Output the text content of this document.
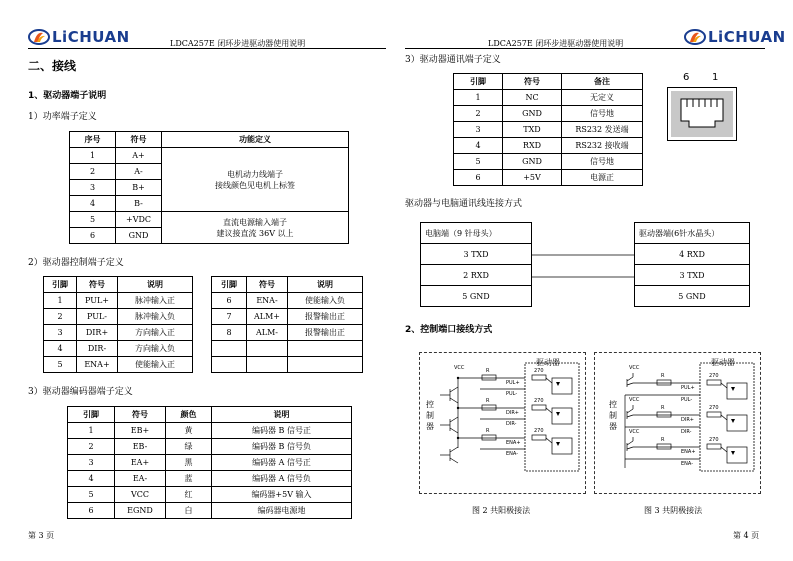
LiCHUAN	LDCA257E 闭环步进驱动器使用说明	LDCA257E 闭环步进驱动器使用说明	LiCHUAN
二、接线
1、驱动器端子说明
1）功率端子定义
序号	符号	功能定义
1	A+	电机动力线端子
接线颜色见电机上标签

2	A-	
3	B+	
4	B-	
5	+VDC	直流电源输入端子
建议接直流 36V 以上

6	GND	
2）驱动器控制端子定义
引脚	符号	说明
1	PUL+	脉冲输入正
2	PUL-	脉冲输入负
3	DIR+	方向输入正
4	DIR-	方向输入负
5	ENA+	使能输入正
引脚	符号	说明
6	ENA-	使能输入负
7	ALM+	报警输出正
8	ALM-	报警输出正

3）驱动器编码器端子定义
引脚	符号	颜色	说明
1	EB+	黄	编码器 B 信号正
2	EB-	绿	编码器 B 信号负
3	EA+	黑	编码器 A 信号正
4	EA-	蓝	编码器 A 信号负
5	VCC	红	编码器+5V 输入
6	EGND	白	编码器电源地
第 3 页
3）驱动器通讯端子定义
引脚	符号	备注
1	NC	无定义
2	GND	信号地
3	TXD	RS232 发送端
4	RXD	RS232 接收端
5	GND	信号地
6	+5V	电源正
6 1
驱动器与电脑通讯线连接方式
电脑端（9 针母头）
3 TXD
2 RXD
5 GND
驱动器端(6针水晶头）
4 RXD
3 TXD
5 GND
2、控制端口接线方式
VCC
驱动器
控制器
R
R
R
270
270
270
PUL+
PUL-
DIR+
DIR-
ENA+
ENA-
VCC
VCC
VCC
驱动器
控制器
R
R
R
270
270
270
PUL+
PUL-
DIR+
DIR-
ENA+
ENA-
图 2 共阳极接法	图 3 共阴极接法
第 4 页
